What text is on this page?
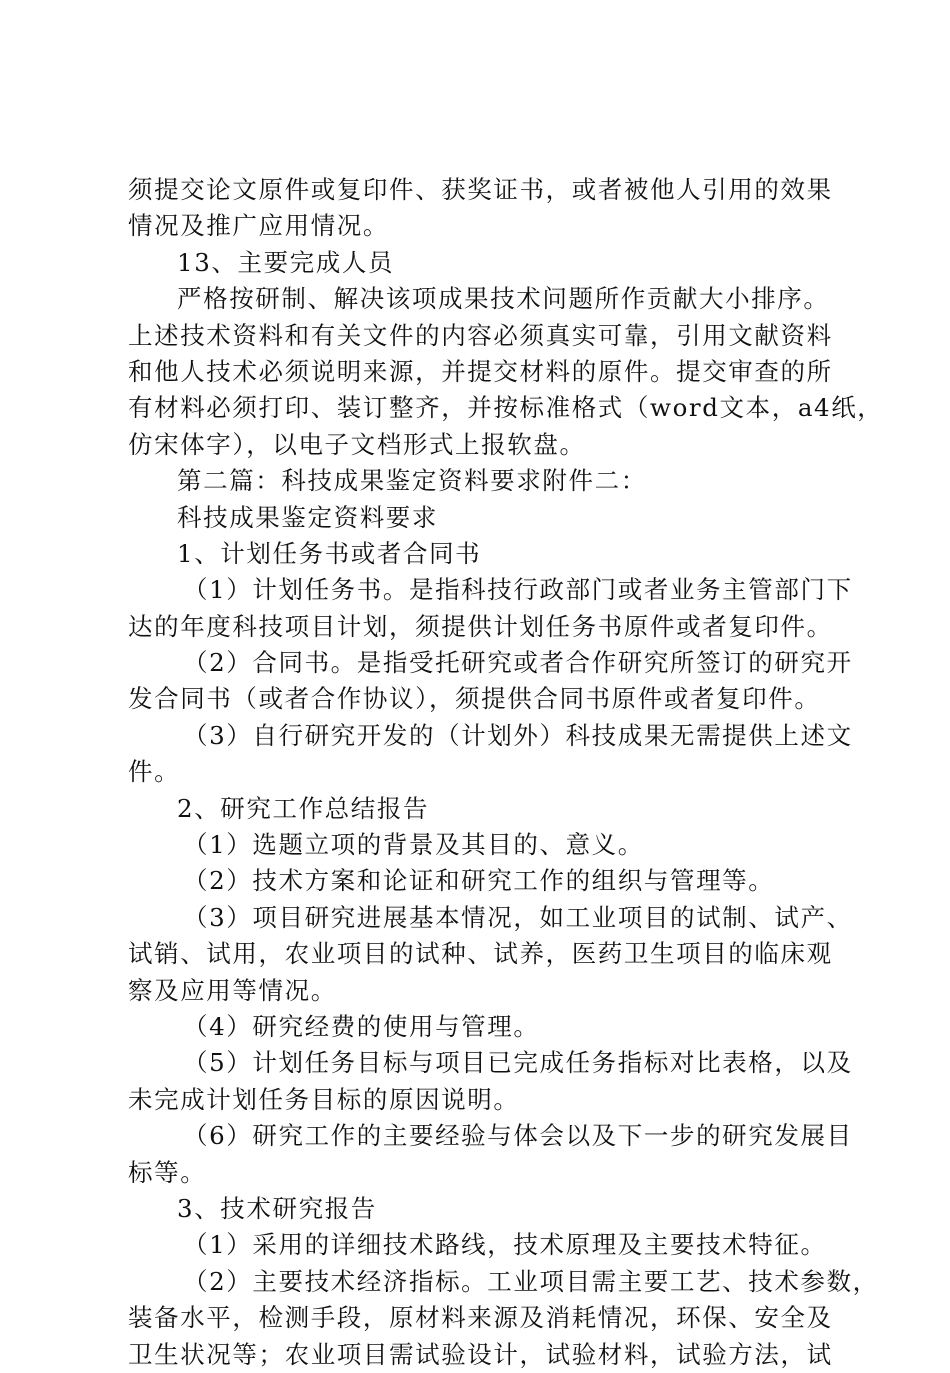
须提交论文原件或复印件、获奖证书，或者被他人引用的效果
情况及推广应用情况。
13、主要完成人员
严格按研制、解决该项成果技术问题所作贡献大小排序。
上述技术资料和有关文件的内容必须真实可靠，引用文献资料
和他人技术必须说明来源，并提交材料的原件。提交审查的所
有材料必须打印、装订整齐，并按标准格式（word文本，a4纸，
仿宋体字），以电子文档形式上报软盘。
第二篇：科技成果鉴定资料要求附件二：
科技成果鉴定资料要求
1、计划任务书或者合同书
（1）计划任务书。是指科技行政部门或者业务主管部门下
达的年度科技项目计划，须提供计划任务书原件或者复印件。
（2）合同书。是指受托研究或者合作研究所签订的研究开
发合同书（或者合作协议），须提供合同书原件或者复印件。
（3）自行研究开发的（计划外）科技成果无需提供上述文
件。
2、研究工作总结报告
（1）选题立项的背景及其目的、意义。
（2）技术方案和论证和研究工作的组织与管理等。
（3）项目研究进展基本情况，如工业项目的试制、试产、
试销、试用，农业项目的试种、试养，医药卫生项目的临床观
察及应用等情况。
（4）研究经费的使用与管理。
（5）计划任务目标与项目已完成任务指标对比表格，以及
未完成计划任务目标的原因说明。
（6）研究工作的主要经验与体会以及下一步的研究发展目
标等。
3、技术研究报告
（1）采用的详细技术路线，技术原理及主要技术特征。
（2）主要技术经济指标。工业项目需主要工艺、技术参数，
装备水平，检测手段，原材料来源及消耗情况，环保、安全及
卫生状况等；农业项目需试验设计，试验材料，试验方法，试
